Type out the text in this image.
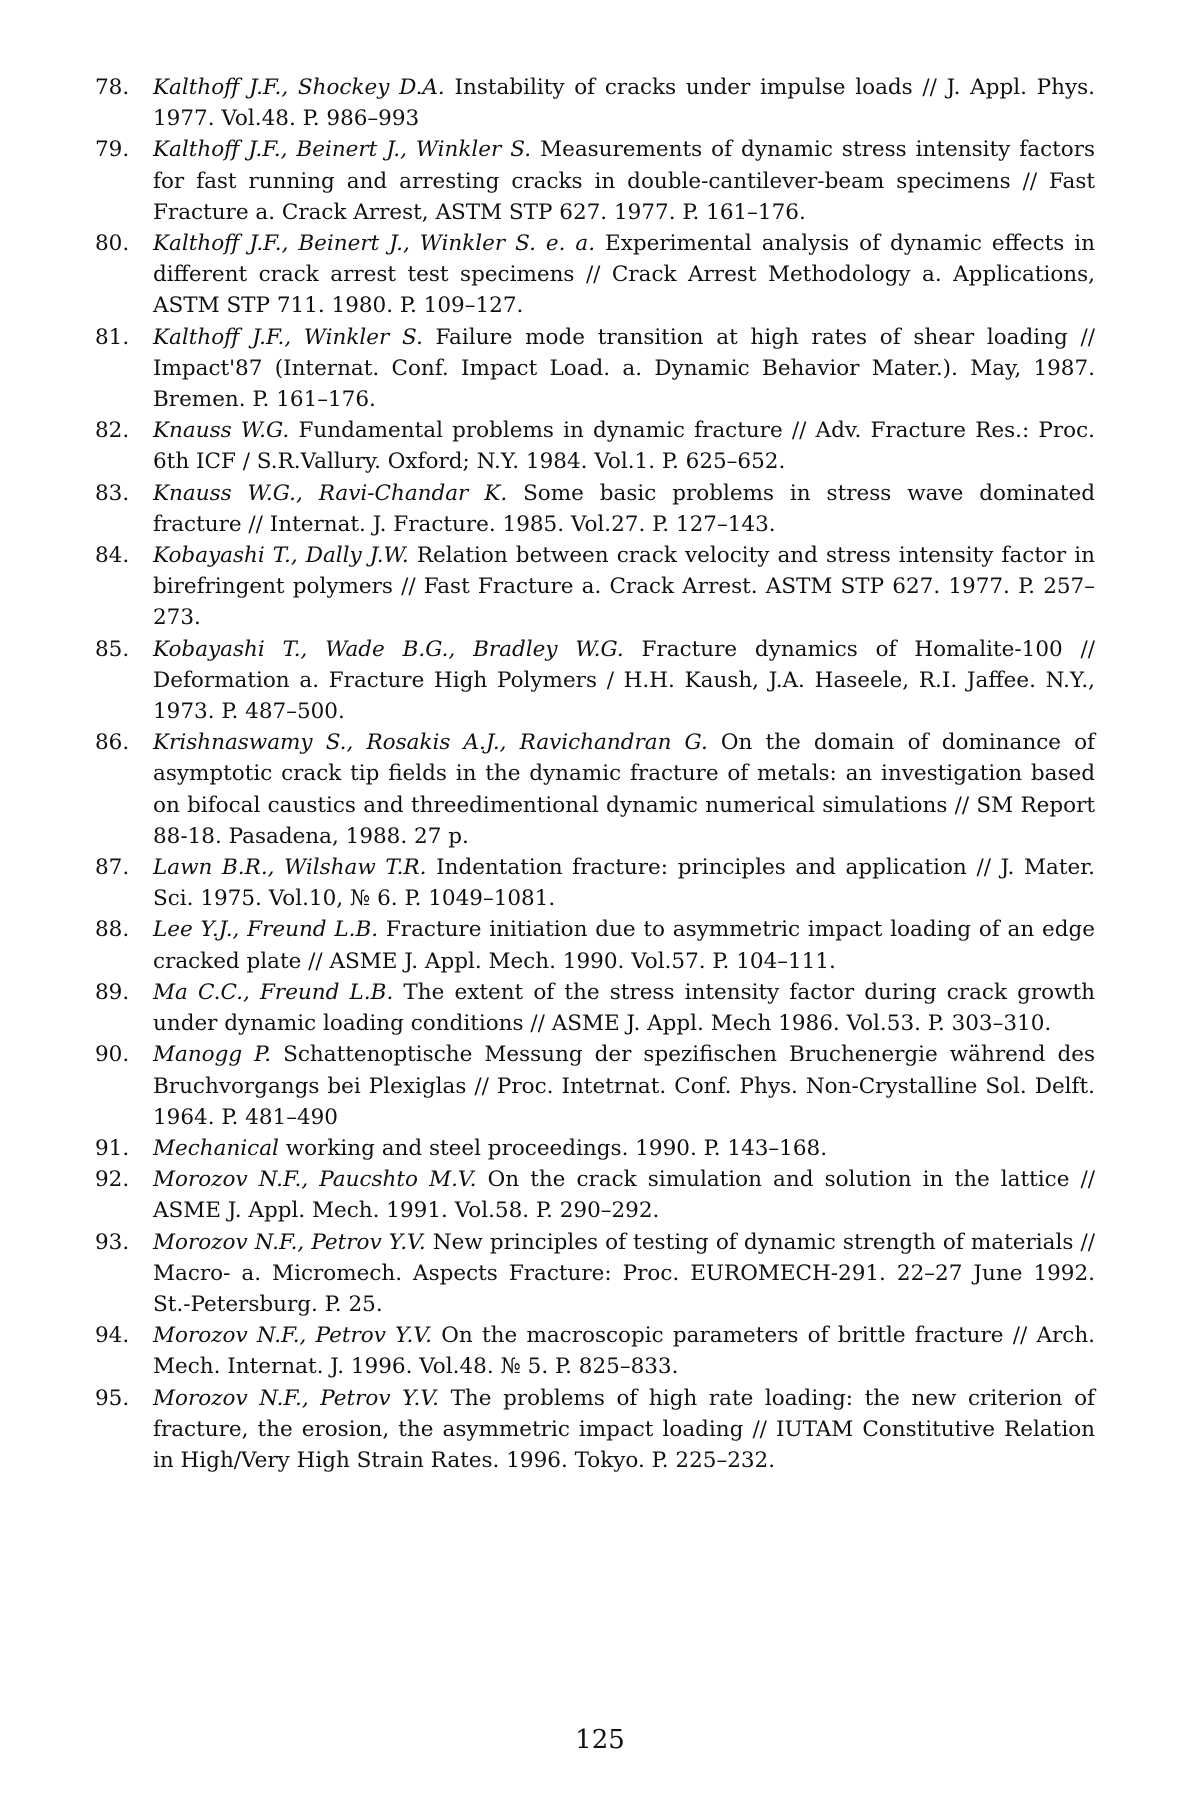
78.	Kalthoff J.F., Shockey D.A. Instability of cracks under impulse loads // J. Appl. Phys. 1977. Vol.48. P. 986–993
79.	Kalthoff J.F., Beinert J., Winkler S. Measurements of dynamic stress intensity factors for fast running and arresting cracks in double-cantilever-beam specimens // Fast Fracture a. Crack Arrest, ASTM STP 627. 1977. P. 161–176.
80.	Kalthoff J.F., Beinert J., Winkler S. e. a. Experimental analysis of dynamic effects in different crack arrest test specimens // Crack Arrest Methodology a. Applications, ASTM STP 711. 1980. P. 109–127.
81.	Kalthoff J.F., Winkler S. Failure mode transition at high rates of shear loading // Impact'87 (Internat. Conf. Impact Load. a. Dynamic Behavior Mater.). May, 1987. Bremen. P. 161–176.
82.	Knauss W.G. Fundamental problems in dynamic fracture // Adv. Fracture Res.: Proc. 6th ICF / S.R.Vallury. Oxford; N.Y. 1984. Vol.1. P. 625–652.
83.	Knauss W.G., Ravi-Chandar K. Some basic problems in stress wave dominated fracture // Internat. J. Fracture. 1985. Vol.27. P. 127–143.
84.	Kobayashi T., Dally J.W. Relation between crack velocity and stress intensity factor in birefringent polymers // Fast Fracture a. Crack Arrest. ASTM STP 627. 1977. P. 257–273.
85.	Kobayashi T., Wade B.G., Bradley W.G. Fracture dynamics of Homalite-100 // Deformation a. Fracture High Polymers / H.H. Kaush, J.A. Haseele, R.I. Jaffee. N.Y., 1973. P. 487–500.
86.	Krishnaswamy S., Rosakis A.J., Ravichandran G. On the domain of dominance of asymptotic crack tip fields in the dynamic fracture of metals: an investigation based on bifocal caustics and threedimentional dynamic numerical simulations // SM Report 88-18. Pasadena, 1988. 27 p.
87.	Lawn B.R., Wilshaw T.R. Indentation fracture: principles and application // J. Mater. Sci. 1975. Vol.10, № 6. P. 1049–1081.
88.	Lee Y.J., Freund L.B. Fracture initiation due to asymmetric impact loading of an edge cracked plate // ASME J. Appl. Mech. 1990. Vol.57. P. 104–111.
89.	Ma C.C., Freund L.B. The extent of the stress intensity factor during crack growth under dynamic loading conditions // ASME J. Appl. Mech 1986. Vol.53. P. 303–310.
90.	Manogg P. Schattenoptische Messung der spezifischen Bruchenergie während des Bruchvorgangs bei Plexiglas // Proc. Intetrnat. Conf. Phys. Non-Crystalline Sol. Delft. 1964. P. 481–490
91.	Mechanical working and steel proceedings. 1990. P. 143–168.
92.	Morozov N.F., Paucshto M.V. On the crack simulation and solution in the lattice // ASME J. Appl. Mech. 1991. Vol.58. P. 290–292.
93.	Morozov N.F., Petrov Y.V. New principles of testing of dynamic strength of materials // Macro- a. Micromech. Aspects Fracture: Proc. EUROMECH-291. 22–27 June 1992. St.-Petersburg. P. 25.
94.	Morozov N.F., Petrov Y.V. On the macroscopic parameters of brittle fracture // Arch. Mech. Internat. J. 1996. Vol.48. № 5. P. 825–833.
95.	Morozov N.F., Petrov Y.V. The problems of high rate loading: the new criterion of fracture, the erosion, the asymmetric impact loading // IUTAM Constitutive Relation in High/Very High Strain Rates. 1996. Tokyo. P. 225–232.
125
